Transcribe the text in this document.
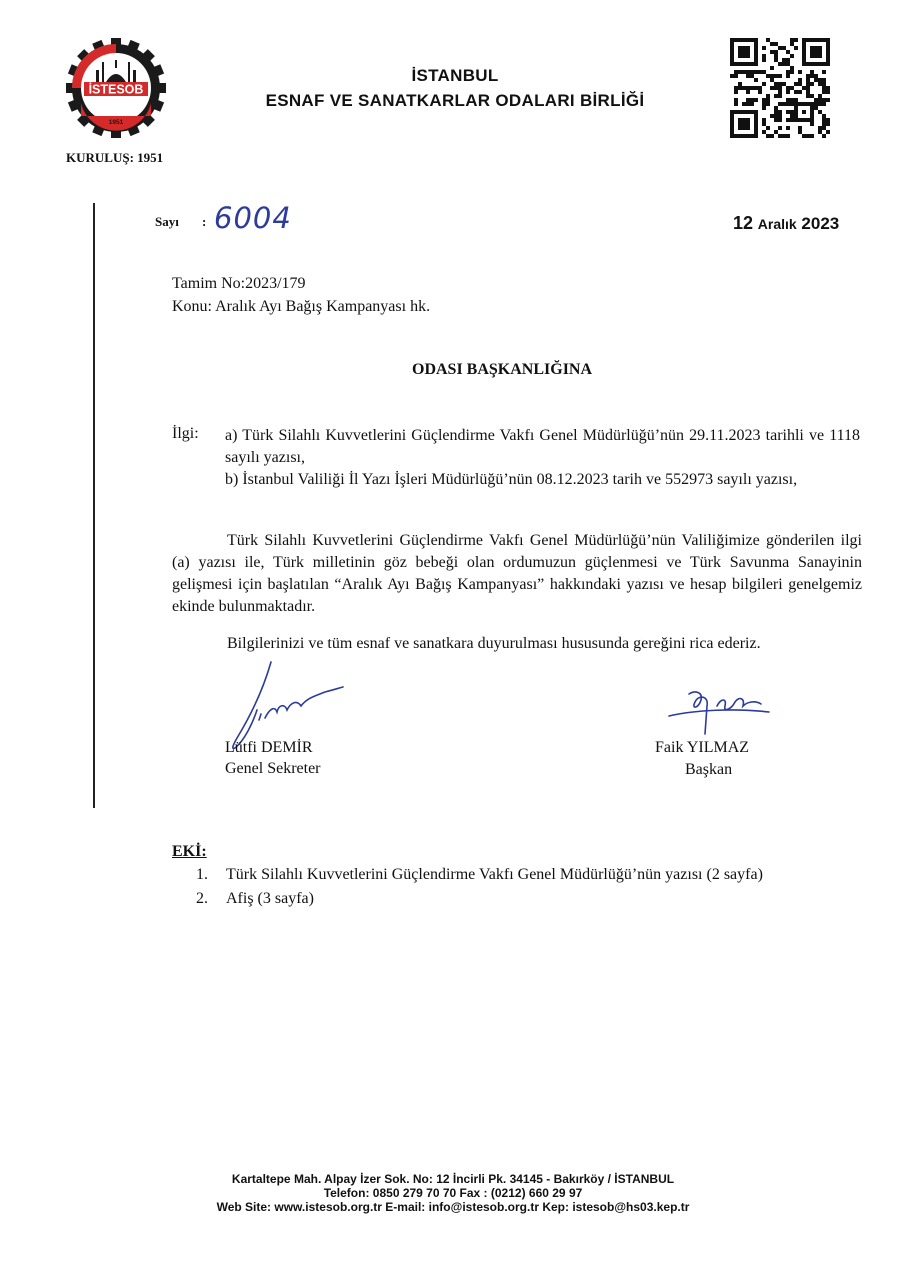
İSTESOB
1951
KURULUŞ: 1951
İSTANBUL
ESNAF VE SANATKARLAR ODALARI BİRLİĞİ
Sayı : 6004	12 Aralık 2023
Tamim No:2023/179
Konu: Aralık Ayı Bağış Kampanyası hk.
ODASI BAŞKANLIĞINA
İlgi: a) Türk Silahlı Kuvvetlerini Güçlendirme Vakfı Genel Müdürlüğü’nün 29.11.2023 tarihli ve 1118 sayılı yazısı,

b) İstanbul Valiliği İl Yazı İşleri Müdürlüğü’nün 08.12.2023 tarih ve 552973 sayılı yazısı,

Türk Silahlı Kuvvetlerini Güçlendirme Vakfı Genel Müdürlüğü’nün Valiliğimize gönderilen ilgi (a) yazısı ile, Türk milletinin göz bebeği olan ordumuzun güçlenmesi ve Türk Savunma Sanayinin gelişmesi için başlatılan “Aralık Ayı Bağış Kampanyası” hakkındaki yazısı ve hesap bilgileri genelgemiz ekinde bulunmaktadır.

Bilgilerinizi ve tüm esnaf ve sanatkara duyurulması hususunda gereğini rica ederiz.
Lütfi DEMİR
Genel Sekreter
Faik YILMAZ
Başkan
EKİ:
1. Türk Silahlı Kuvvetlerini Güçlendirme Vakfı Genel Müdürlüğü’nün yazısı (2 sayfa)
2. Afiş (3 sayfa)
Kartaltepe Mah. Alpay İzer Sok. No: 12 İncirli Pk. 34145 - Bakırköy / İSTANBUL
Telefon: 0850 279 70 70 Fax : (0212) 660 29 97
Web Site: www.istesob.org.tr E-mail: info@istesob.org.tr Kep: istesob@hs03.kep.tr
